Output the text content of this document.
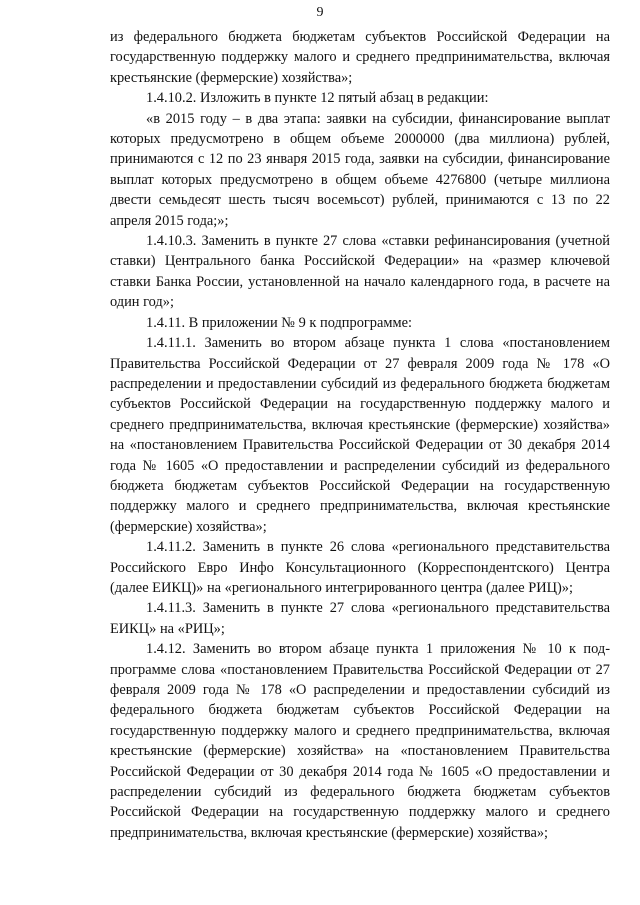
9

из федерального бюджета бюджетам субъектов Российской Федерации на государственную поддержку малого и среднего предпринимательства, включая крестьянские (фермерские) хозяйства»;

1.4.10.2. Изложить в пункте 12 пятый абзац в редакции:

«в 2015 году – в два этапа: заявки на субсидии, финансирование выплат которых предусмотрено в общем объеме 2000000 (два миллиона) рублей, принимаются с 12 по 23 января 2015 года, заявки на субсидии, финансирование выплат которых предусмотрено в общем объеме 4276800 (четыре миллиона двести семьдесят шесть тысяч восемьсот) рублей, принимаются с 13 по 22 апреля 2015 года;»;

1.4.10.3. Заменить в пункте 27 слова «ставки рефинансирования (учетной ставки) Центрального банка Российской Федерации» на «размер ключевой ставки Банка России, установленной на начало календарного года, в расчете на один год»;

1.4.11. В приложении № 9 к подпрограмме:

1.4.11.1. Заменить во втором абзаце пункта 1 слова «постановлением Правительства Российской Федерации от 27 февраля 2009 года № 178 «О распределении и предоставлении субсидий из федерального бюджета бюджетам субъектов Российской Федерации на государственную поддержку малого и среднего предпринимательства, включая крестьянские (фермерские) хозяйства» на «постановлением Правительства Российской Федерации от 30 декабря 2014 года № 1605 «О предоставлении и распределении субсидий из федерального бюджета бюджетам субъектов Российской Федерации на государственную поддержку малого и среднего предпринимательства, включая крестьянские (фермерские) хозяйства»;

1.4.11.2. Заменить в пункте 26 слова «регионального представительства Российского Евро Инфо Консультационного (Корреспондентского) Центра (далее ЕИКЦ)» на «регионального интегрированного центра (далее РИЦ)»;

1.4.11.3. Заменить в пункте 27 слова «регионального представительства ЕИКЦ» на «РИЦ»;

1.4.12. Заменить во втором абзаце пункта 1 приложения № 10 к подпрограмме слова «постановлением Правительства Российской Федерации от 27 февраля 2009 года № 178 «О распределении и предоставлении субсидий из федерального бюджета бюджетам субъектов Российской Федерации на государственную поддержку малого и среднего предпринимательства, включая крестьянские (фермерские) хозяйства» на «постановлением Правительства Российской Федерации от 30 декабря 2014 года № 1605 «О предоставлении и распределении субсидий из федерального бюджета бюджетам субъектов Российской Федерации на государственную поддержку малого и среднего предпринимательства, включая крестьянские (фермерские) хозяйства»;
